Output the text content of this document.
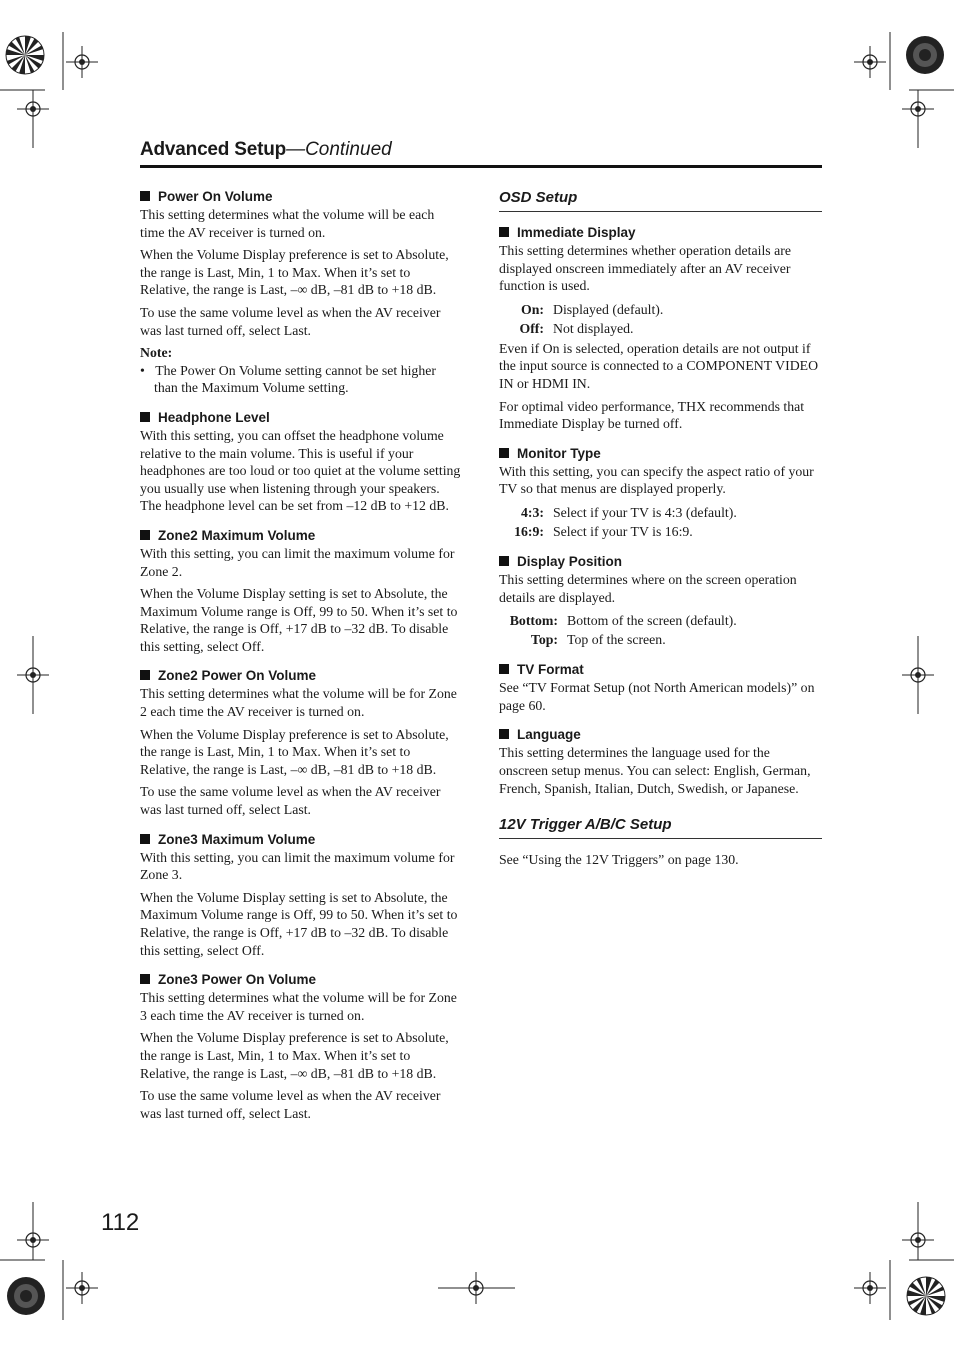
Advanced Setup—Continued

Power On Volume

This setting determines what the volume will be each time the AV receiver is turned on.

When the Volume Display preference is set to Absolute, the range is Last, Min, 1 to Max. When it’s set to Relative, the range is Last, –∞ dB, –81 dB to +18 dB.

To use the same volume level as when the AV receiver was last turned off, select Last.

Note:

• The Power On Volume setting cannot be set higher than the Maximum Volume setting.

Headphone Level

With this setting, you can offset the headphone volume relative to the main volume. This is useful if your headphones are too loud or too quiet at the volume setting you usually use when listening through your speakers. The headphone level can be set from –12 dB to +12 dB.

Zone2 Maximum Volume

With this setting, you can limit the maximum volume for Zone 2.

When the Volume Display setting is set to Absolute, the Maximum Volume range is Off, 99 to 50. When it’s set to Relative, the range is Off, +17 dB to –32 dB. To disable this setting, select Off.

Zone2 Power On Volume

This setting determines what the volume will be for Zone 2 each time the AV receiver is turned on.

When the Volume Display preference is set to Absolute, the range is Last, Min, 1 to Max. When it’s set to Relative, the range is Last, –∞ dB, –81 dB to +18 dB.

To use the same volume level as when the AV receiver was last turned off, select Last.

Zone3 Maximum Volume

With this setting, you can limit the maximum volume for Zone 3.

When the Volume Display setting is set to Absolute, the Maximum Volume range is Off, 99 to 50. When it’s set to Relative, the range is Off, +17 dB to –32 dB. To disable this setting, select Off.

Zone3 Power On Volume

This setting determines what the volume will be for Zone 3 each time the AV receiver is turned on.

When the Volume Display preference is set to Absolute, the range is Last, Min, 1 to Max. When it’s set to Relative, the range is Last, –∞ dB, –81 dB to +18 dB.

To use the same volume level as when the AV receiver was last turned off, select Last.

OSD Setup

Immediate Display

This setting determines whether operation details are displayed onscreen immediately after an AV receiver function is used.

On: Displayed (default).
Off: Not displayed.

Even if On is selected, operation details are not output if the input source is connected to a COMPONENT VIDEO IN or HDMI IN.

For optimal video performance, THX recommends that Immediate Display be turned off.

Monitor Type

With this setting, you can specify the aspect ratio of your TV so that menus are displayed properly.

4:3: Select if your TV is 4:3 (default).
16:9: Select if your TV is 16:9.

Display Position

This setting determines where on the screen operation details are displayed.

Bottom: Bottom of the screen (default).
Top: Top of the screen.

TV Format

See “TV Format Setup (not North American models)” on page 60.

Language

This setting determines the language used for the onscreen setup menus. You can select: English, German, French, Spanish, Italian, Dutch, Swedish, or Japanese.

12V Trigger A/B/C Setup

See “Using the 12V Triggers” on page 130.

112
